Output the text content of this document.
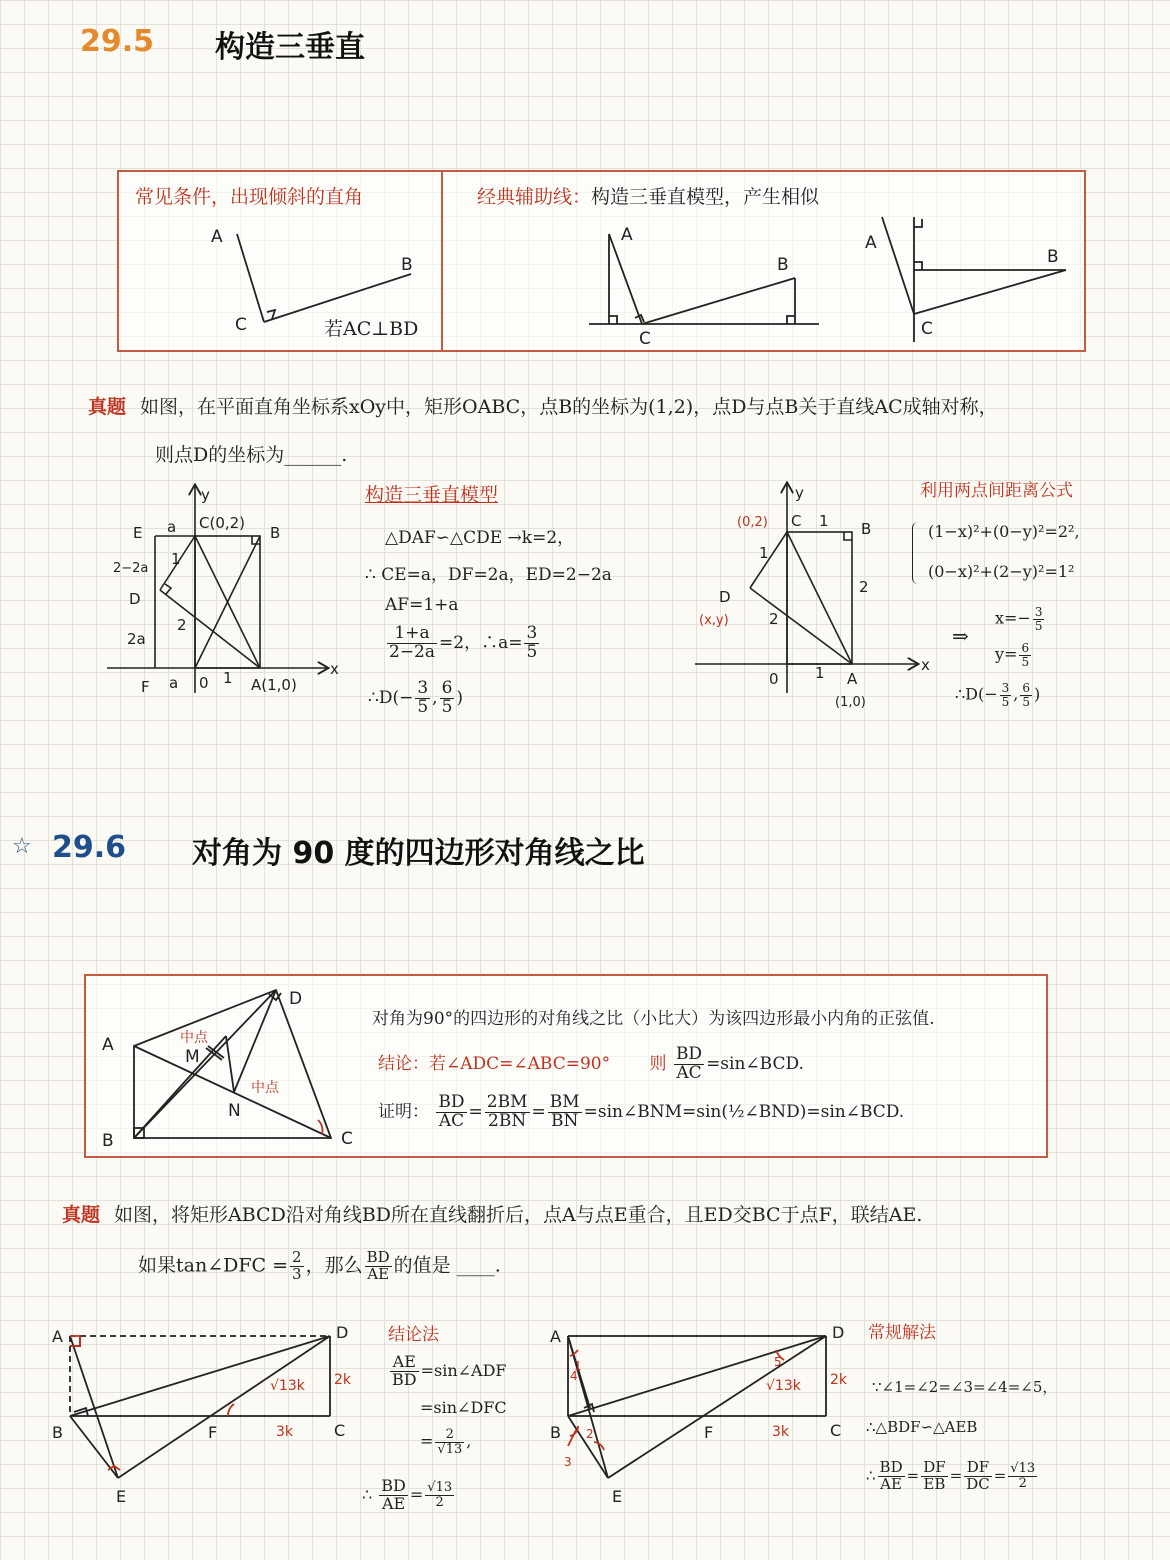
29.5 构造三垂直
常见条件，出现倾斜的直角	经典辅助线：构造三垂直模型，产生相似
若AC⊥BD
A
C
B
A
C
B
A
C
B
真题 如图，在平面直角坐标系xOy中，矩形OABC，点B的坐标为(1,2)，点D与点B关于直线AC成轴对称，
则点D的坐标为______.
E a C(0,2)
B
2−2a
1
D
2
2a
F a 0 1 A(1,0)
x
y	构造三垂直模型
△DAF∽△CDE →k=2，
∴ CE=a，DF=2a，ED=2−2a
AF=1+a
$\frac{1+a}{2-2a} =2$，∴a= $\frac{3}{5}$
∴D(− $\frac{3}{5}$ , $\frac{6}{5}$ )
(0,2) C 1 B
1
2
D
(x,y)	2
0 1 A
(1,0)
x
y	利用两点间距离公式
(1−x)²+(0−y)²=2²,
(0−x)²+(2−y)²=1²
⇒
$x=- \frac{3}{5}$
$y= \frac{6}{5}$
∴D(− $\frac{3}{5}$ , $\frac{6}{5}$ )
☆ 29.6 对角为 90 度的四边形对角线之比
A
B	C
D
M
N
中点
中点
对角为90°的四边形的对角线之比（小比大）为该四边形最小内角的正弦值.
结论：若∠ADC=∠ABC=90° 则 $\frac{BD}{AC}$ =sin∠BCD.
证明： $\frac{BD}{AC} = \frac{2BM}{2BN} = \frac{BM}{BN}$ =sin∠BNM=sin(½∠BND)=sin∠BCD.
真题 如图，将矩形ABCD沿对角线BD所在直线翻折后，点A与点E重合，且ED交BC于点F，联结AE.
如果tan∠DFC = $\frac{2}{3}$ ，那么 $\frac{BD}{AE}$ 的值是 ____.
A	D
B	C
E
F
2k
3k
√13k
结论法
$\frac{AE}{BD}$ =sin∠ADF
=sin∠DFC
= $\frac{2}{√13}$ ,
∴ $\frac{BD}{AE} = \frac{√13}{2}$
A	D
B	C
E
F
2k
3k
√13k
1
2
3
4
5
常规解法
∵∠1=∠2=∠3=∠4=∠5，
∴△BDF∽△AEB
∴ $\frac{BD}{AE} = \frac{DF}{EB} = \frac{DF}{DC} = \frac{√13}{2}$
